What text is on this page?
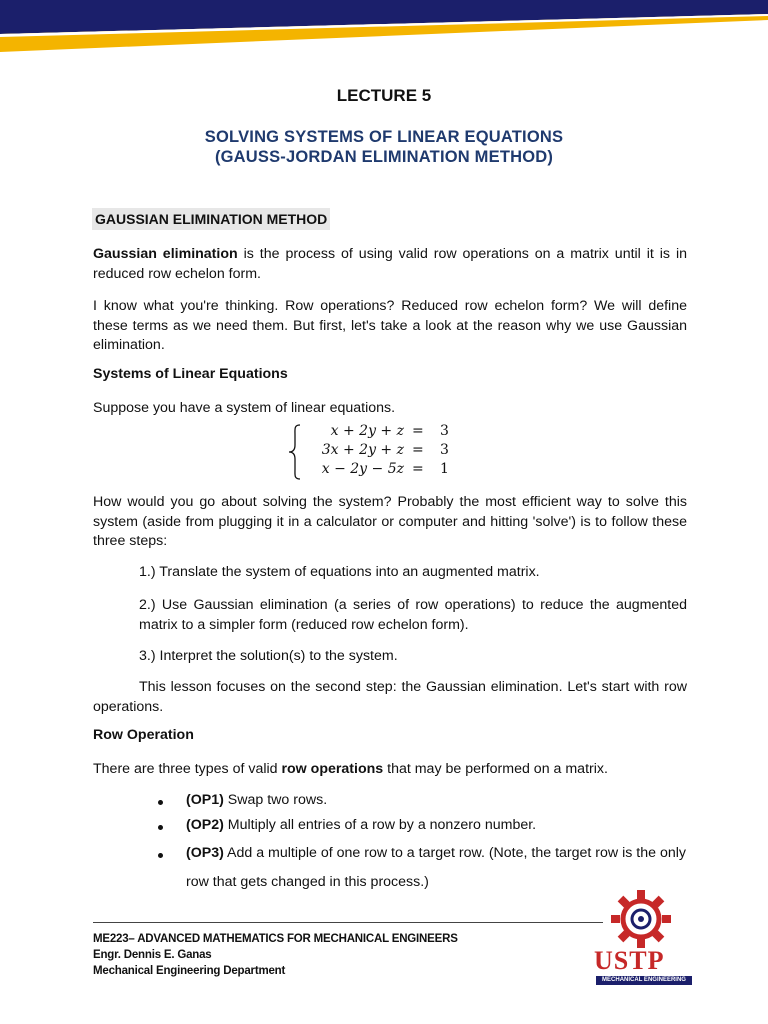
LECTURE 5
SOLVING SYSTEMS OF LINEAR EQUATIONS
(GAUSS-JORDAN ELIMINATION METHOD)
GAUSSIAN ELIMINATION METHOD
Gaussian elimination is the process of using valid row operations on a matrix until it is in reduced row echelon form.
I know what you're thinking. Row operations? Reduced row echelon form? We will define these terms as we need them. But first, let's take a look at the reason why we use Gaussian elimination.
Systems of Linear Equations
Suppose you have a system of linear equations.
x + 2y + z = 3
3x + 2y + z = 3
x − 2y − 5z = 1
How would you go about solving the system? Probably the most efficient way to solve this system (aside from plugging it in a calculator or computer and hitting 'solve') is to follow these three steps:
1.) Translate the system of equations into an augmented matrix.
2.) Use Gaussian elimination (a series of row operations) to reduce the augmented matrix to a simpler form (reduced row echelon form).
3.) Interpret the solution(s) to the system.
This lesson focuses on the second step: the Gaussian elimination. Let's start with row operations.
Row Operation
There are three types of valid row operations that may be performed on a matrix.
(OP1) Swap two rows.
(OP2) Multiply all entries of a row by a nonzero number.
(OP3) Add a multiple of one row to a target row. (Note, the target row is the only row that gets changed in this process.)
ME223– ADVANCED MATHEMATICS FOR MECHANICAL ENGINEERS
Engr. Dennis E. Ganas
Mechanical Engineering Department	USTP
MECHANICAL ENGINEERING
